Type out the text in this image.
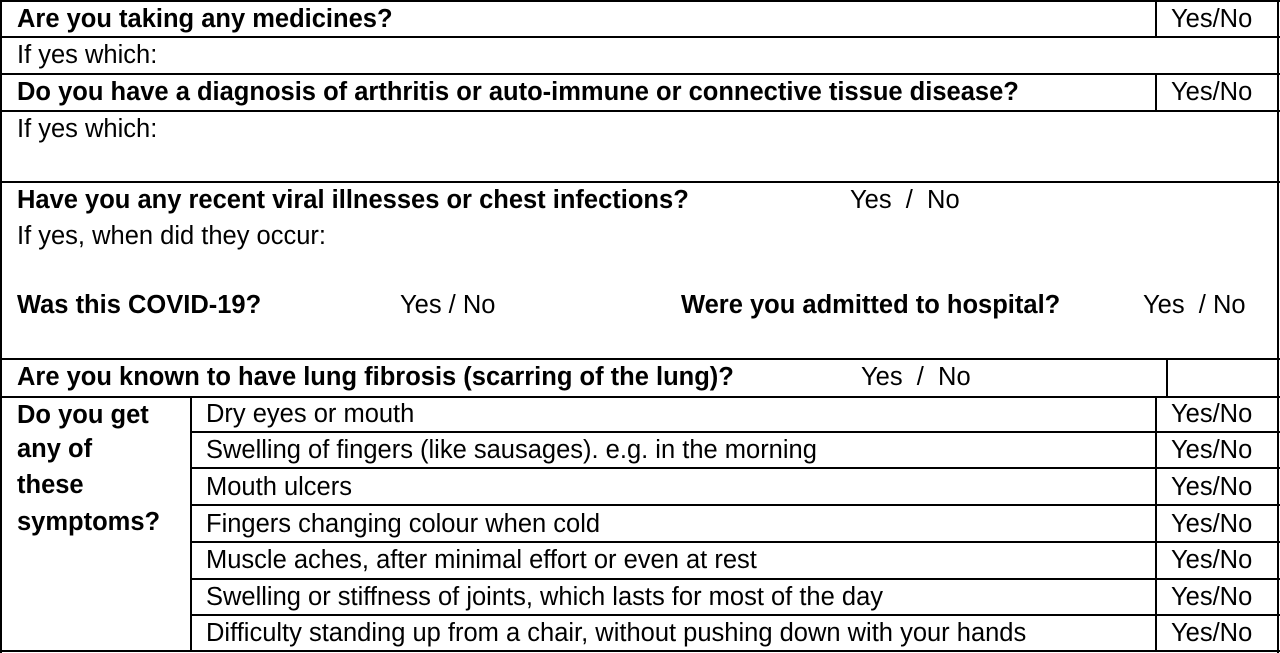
Are you taking any medicines?	Yes/No
If yes which:
Do you have a diagnosis of arthritis or auto-immune or connective tissue disease?	Yes/No
If yes which:
Have you any recent viral illnesses or chest infections?	Yes  /  No
If yes, when did they occur:
Was this COVID-19?	Yes / No	Were you admitted to hospital?	Yes  / No
Are you known to have lung fibrosis (scarring of the lung)?	Yes  /  No
Do you get
any of
these
symptoms?
Dry eyes or mouth	Yes/No
Swelling of fingers (like sausages). e.g. in the morning	Yes/No
Mouth ulcers	Yes/No
Fingers changing colour when cold	Yes/No
Muscle aches, after minimal effort or even at rest	Yes/No
Swelling or stiffness of joints, which lasts for most of the day	Yes/No
Difficulty standing up from a chair, without pushing down with your hands	Yes/No
